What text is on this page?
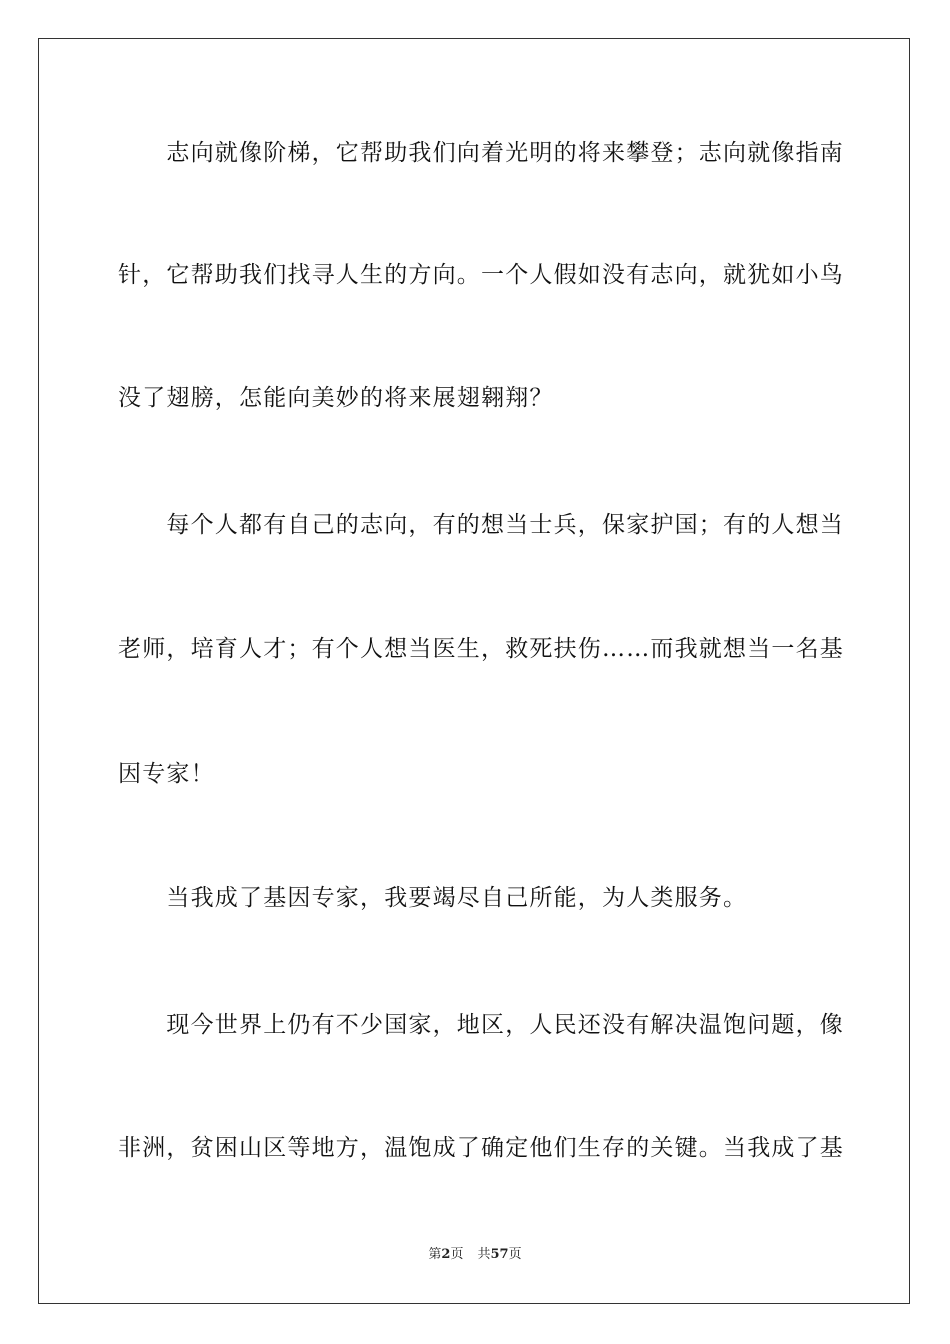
　　志向就像阶梯，它帮助我们向着光明的将来攀登；志向就像指南
针，它帮助我们找寻人生的方向。一个人假如没有志向，就犹如小鸟
没了翅膀，怎能向美妙的将来展翅翱翔？
　　每个人都有自己的志向，有的想当士兵，保家护国；有的人想当
老师，培育人才；有个人想当医生，救死扶伤……而我就想当一名基
因专家！
　　当我成了基因专家，我要竭尽自己所能，为人类服务。
　　现今世界上仍有不少国家，地区，人民还没有解决温饱问题，像
非洲，贫困山区等地方，温饱成了确定他们生存的关键。当我成了基
第2页 共57页
